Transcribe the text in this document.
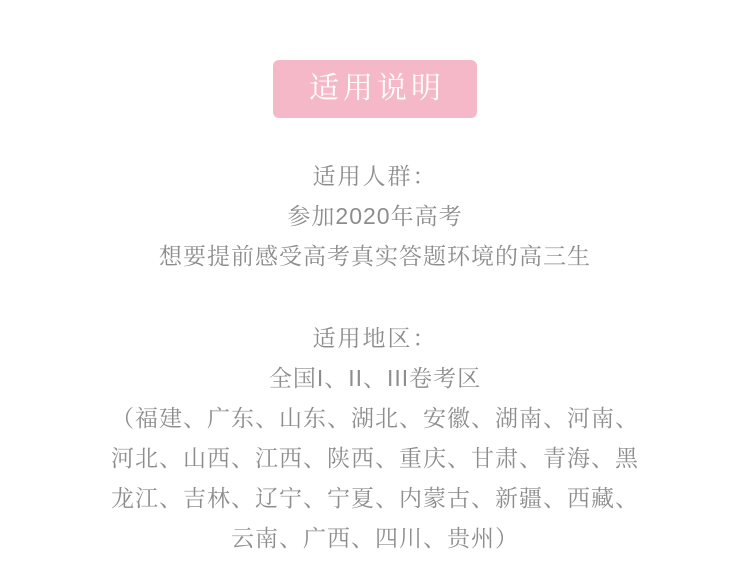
适用说明
适用人群：
参加2020年高考
想要提前感受高考真实答题环境的高三生
适用地区：
全国I、II、III卷考区
（福建、广东、山东、湖北、安徽、湖南、河南、
河北、山西、江西、陕西、重庆、甘肃、青海、黑
龙江、吉林、辽宁、宁夏、内蒙古、新疆、西藏、
云南、广西、四川、贵州）
